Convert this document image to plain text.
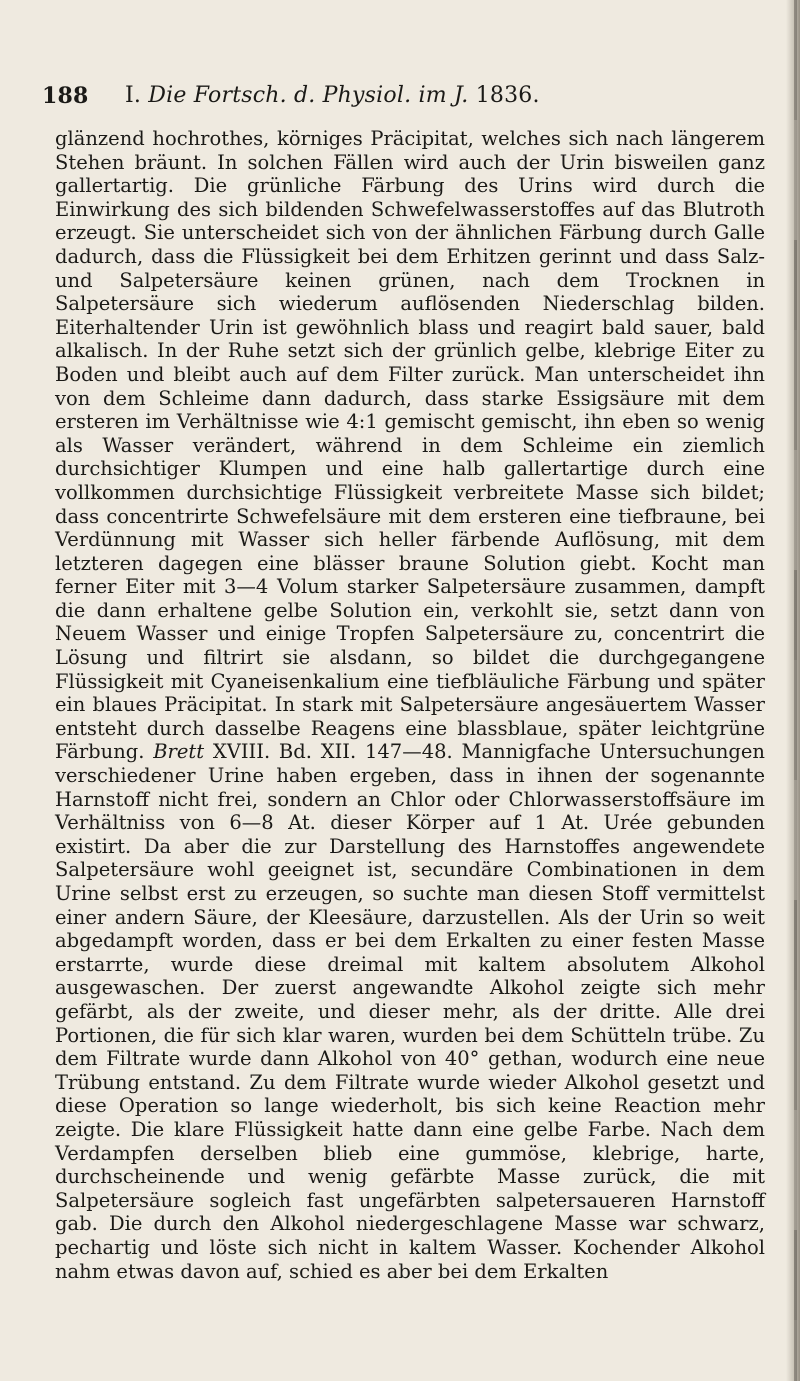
188 I. Die Fortsch. d. Physiol. im J. 1836.

glänzend hochrothes, körniges Präcipitat, welches sich nach längerem Stehen bräunt. In solchen Fällen wird auch der Urin bisweilen ganz gallertartig. Die grünliche Färbung des Urins wird durch die Einwirkung des sich bildenden Schwefelwasserstoffes auf das Blutroth erzeugt. Sie unterscheidet sich von der ähnlichen Färbung durch Galle dadurch, dass die Flüssigkeit bei dem Erhitzen gerinnt und dass Salz- und Salpetersäure keinen grünen, nach dem Trocknen in Salpetersäure sich wiederum auflösenden Niederschlag bilden. Eiterhaltender Urin ist gewöhnlich blass und reagirt bald sauer, bald alkalisch. In der Ruhe setzt sich der grünlich gelbe, klebrige Eiter zu Boden und bleibt auch auf dem Filter zurück. Man unterscheidet ihn von dem Schleime dann dadurch, dass starke Essigsäure mit dem ersteren im Verhältnisse wie 4:1 gemischt gemischt, ihn eben so wenig als Wasser verändert, während in dem Schleime ein ziemlich durchsichtiger Klumpen und eine halb gallertartige durch eine vollkommen durchsichtige Flüssigkeit verbreitete Masse sich bildet; dass concentrirte Schwefelsäure mit dem ersteren eine tiefbraune, bei Verdünnung mit Wasser sich heller färbende Auflösung, mit dem letzteren dagegen eine blässer braune Solution giebt. Kocht man ferner Eiter mit 3—4 Volum starker Salpetersäure zusammen, dampft die dann erhaltene gelbe Solution ein, verkohlt sie, setzt dann von Neuem Wasser und einige Tropfen Salpetersäure zu, concentrirt die Lösung und filtrirt sie alsdann, so bildet die durchgegangene Flüssigkeit mit Cyaneisenkalium eine tiefbläuliche Färbung und später ein blaues Präcipitat. In stark mit Salpetersäure angesäuertem Wasser entsteht durch dasselbe Reagens eine blassblaue, später leichtgrüne Färbung. Brett XVIII. Bd. XII. 147—48. Mannigfache Untersuchungen verschiedener Urine haben ergeben, dass in ihnen der sogenannte Harnstoff nicht frei, sondern an Chlor oder Chlorwasserstoffsäure im Verhältniss von 6—8 At. dieser Körper auf 1 At. Urée gebunden existirt. Da aber die zur Darstellung des Harnstoffes angewendete Salpetersäure wohl geeignet ist, secundäre Combinationen in dem Urine selbst erst zu erzeugen, so suchte man diesen Stoff vermittelst einer andern Säure, der Kleesäure, darzustellen. Als der Urin so weit abgedampft worden, dass er bei dem Erkalten zu einer festen Masse erstarrte, wurde diese dreimal mit kaltem absolutem Alkohol ausgewaschen. Der zuerst angewandte Alkohol zeigte sich mehr gefärbt, als der zweite, und dieser mehr, als der dritte. Alle drei Portionen, die für sich klar waren, wurden bei dem Schütteln trübe. Zu dem Filtrate wurde dann Alkohol von 40° gethan, wodurch eine neue Trübung entstand. Zu dem Filtrate wurde wieder Alkohol gesetzt und diese Operation so lange wiederholt, bis sich keine Reaction mehr zeigte. Die klare Flüssigkeit hatte dann eine gelbe Farbe. Nach dem Verdampfen derselben blieb eine gummöse, klebrige, harte, durchscheinende und wenig gefärbte Masse zurück, die mit Salpetersäure sogleich fast ungefärbten salpetersaueren Harnstoff gab. Die durch den Alkohol niedergeschlagene Masse war schwarz, pechartig und löste sich nicht in kaltem Wasser. Kochender Alkohol nahm etwas davon auf, schied es aber bei dem Erkalten
